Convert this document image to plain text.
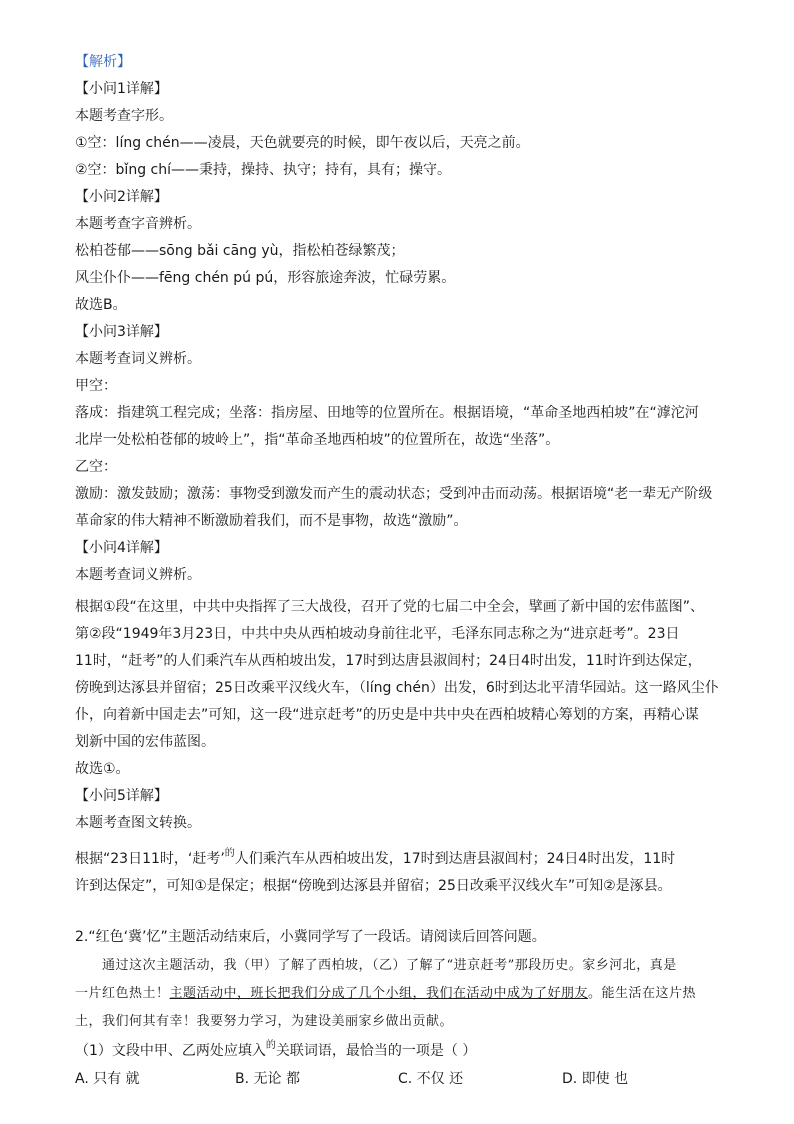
【解析】
【小问1详解】
本题考查字形。
①空：líng chén——凌晨，天色就要亮的时候，即午夜以后，天亮之前。
②空：bǐng chí——秉持，操持、执守；持有，具有；操守。
【小问2详解】
本题考查字音辨析。
松柏苍郁——sōng bǎi cāng yù，指松柏苍绿繁茂；
风尘仆仆——fēng chén pú pú，形容旅途奔波，忙碌劳累。
故选B。
【小问3详解】
本题考查词义辨析。
甲空：
落成：指建筑工程完成；坐落：指房屋、田地等的位置所在。根据语境，“革命圣地西柏坡”在“滹沱河
北岸一处松柏苍郁的坡岭上”，指“革命圣地西柏坡”的位置所在，故选“坐落”。
乙空：
激励：激发鼓励；激荡：事物受到激发而产生的震动状态；受到冲击而动荡。根据语境“老一辈无产阶级
革命家的伟大精神不断激励着我们，而不是事物，故选“激励”。
【小问4详解】
本题考查词义辨析。
根据①段“在这里，中共中央指挥了三大战役，召开了党的七届二中全会，擘画了新中国的宏伟蓝图”、
第②段“1949年3月23日，中共中央从西柏坡动身前往北平，毛泽东同志称之为“进京赶考”。23日
11时，“赶考”的人们乘汽车从西柏坡出发，17时到达唐县淑闾村；24日4时出发，11时许到达保定，
傍晚到达涿县并留宿；25日改乘平汉线火车，（líng chén）出发，6时到达北平清华园站。这一路风尘仆
仆，向着新中国走去”可知，这一段“进京赶考”的历史是中共中央在西柏坡精心筹划的方案，再精心谋
划新中国的宏伟蓝图。
故选①。
【小问5详解】
本题考查图文转换。
根据“23日11时，‘赶考’$^的$人们乘汽车从西柏坡出发，17时到达唐县淑闾村；24日4时出发，11时
许到达保定”，可知①是保定；根据“傍晚到达涿县并留宿；25日改乘平汉线火车”可知②是涿县。
2.“红色‘冀’忆”主题活动结束后，小冀同学写了一段话。请阅读后回答问题。
通过这次主题活动，我（甲）了解了西柏坡，（乙）了解了“进京赶考”那段历史。家乡河北，真是
一片红色热土！主题活动中，班长把我们分成了几个小组，我们在活动中成为了好朋友。能生活在这片热
土，我们何其有幸！我要努力学习，为建设美丽家乡做出贡献。
（1）文段中甲、乙两处应填入$^的$关联词语，最恰当的一项是（ ）
A. 只有 就	B. 无论 都	C. 不仅 还	D. 即使 也
